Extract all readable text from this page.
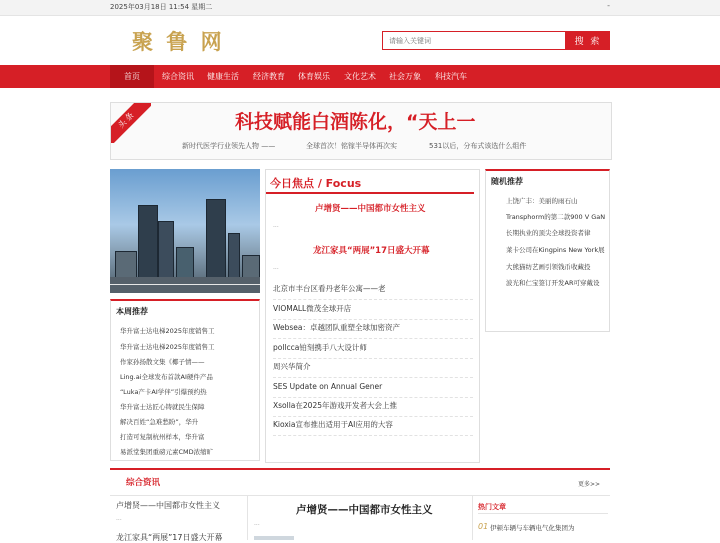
2025年03月18日 11:54 星期二	-
聚 鲁 网
请输入关键词	搜 索
首页	综合资讯 健康生活 经济教育 体育娱乐 文化艺术 社会万象 科技汽车
头条	科技赋能白酒陈化，“天上一
新时代医学行业领先人物 ——	全球首次！铭镓半导体再次实	531以后，分布式该选什么组件
本周推荐
华升富士达电梯2025年度销售工
华升富士达电梯2025年度销售工
作家孙扬散文集《椰子情——
Ling.ai全球发布首款AI硬件产品
“Luka产卡AI学伴”引爆预约热
华升富士达匠心铸就民生保障
解决百姓“急难愁盼”，华升
打造可复制杭州样本，华升富
易派堂集团重磅元素CMD浓缩旷
今日焦点 / Focus
卢增贤——中国都市女性主义
...
龙江家具“两展”17日盛大开幕
...
北京市丰台区看丹老年公寓——老
VIOMALL微茂全球开店
Websea：卓越团队重塑全球加密资产
pollcca铂刻携手八大设计师
周兴华简介
SES Update on Annual Gener
Xsolla在2025年游戏开发者大会上推
Kioxia宣布推出适用于AI应用的大容
随机推荐
上饶广丰：美丽的雨石山
Transphorm的第二款900 V GaN
长期执业的顶尖全球投资者律
莱卡公司在Kingpins New York展
大熊猫纺艺画引领钱币收藏投
波光和仁宝签订开发AR可穿戴设
综合资讯	更多>>
卢增贤——中国都市女性主义
...
龙江家具“两展”17日盛大开幕
卢增贤——中国都市女性主义
...
热门文章
01 伊顿车辆与车辆电气化集团为
